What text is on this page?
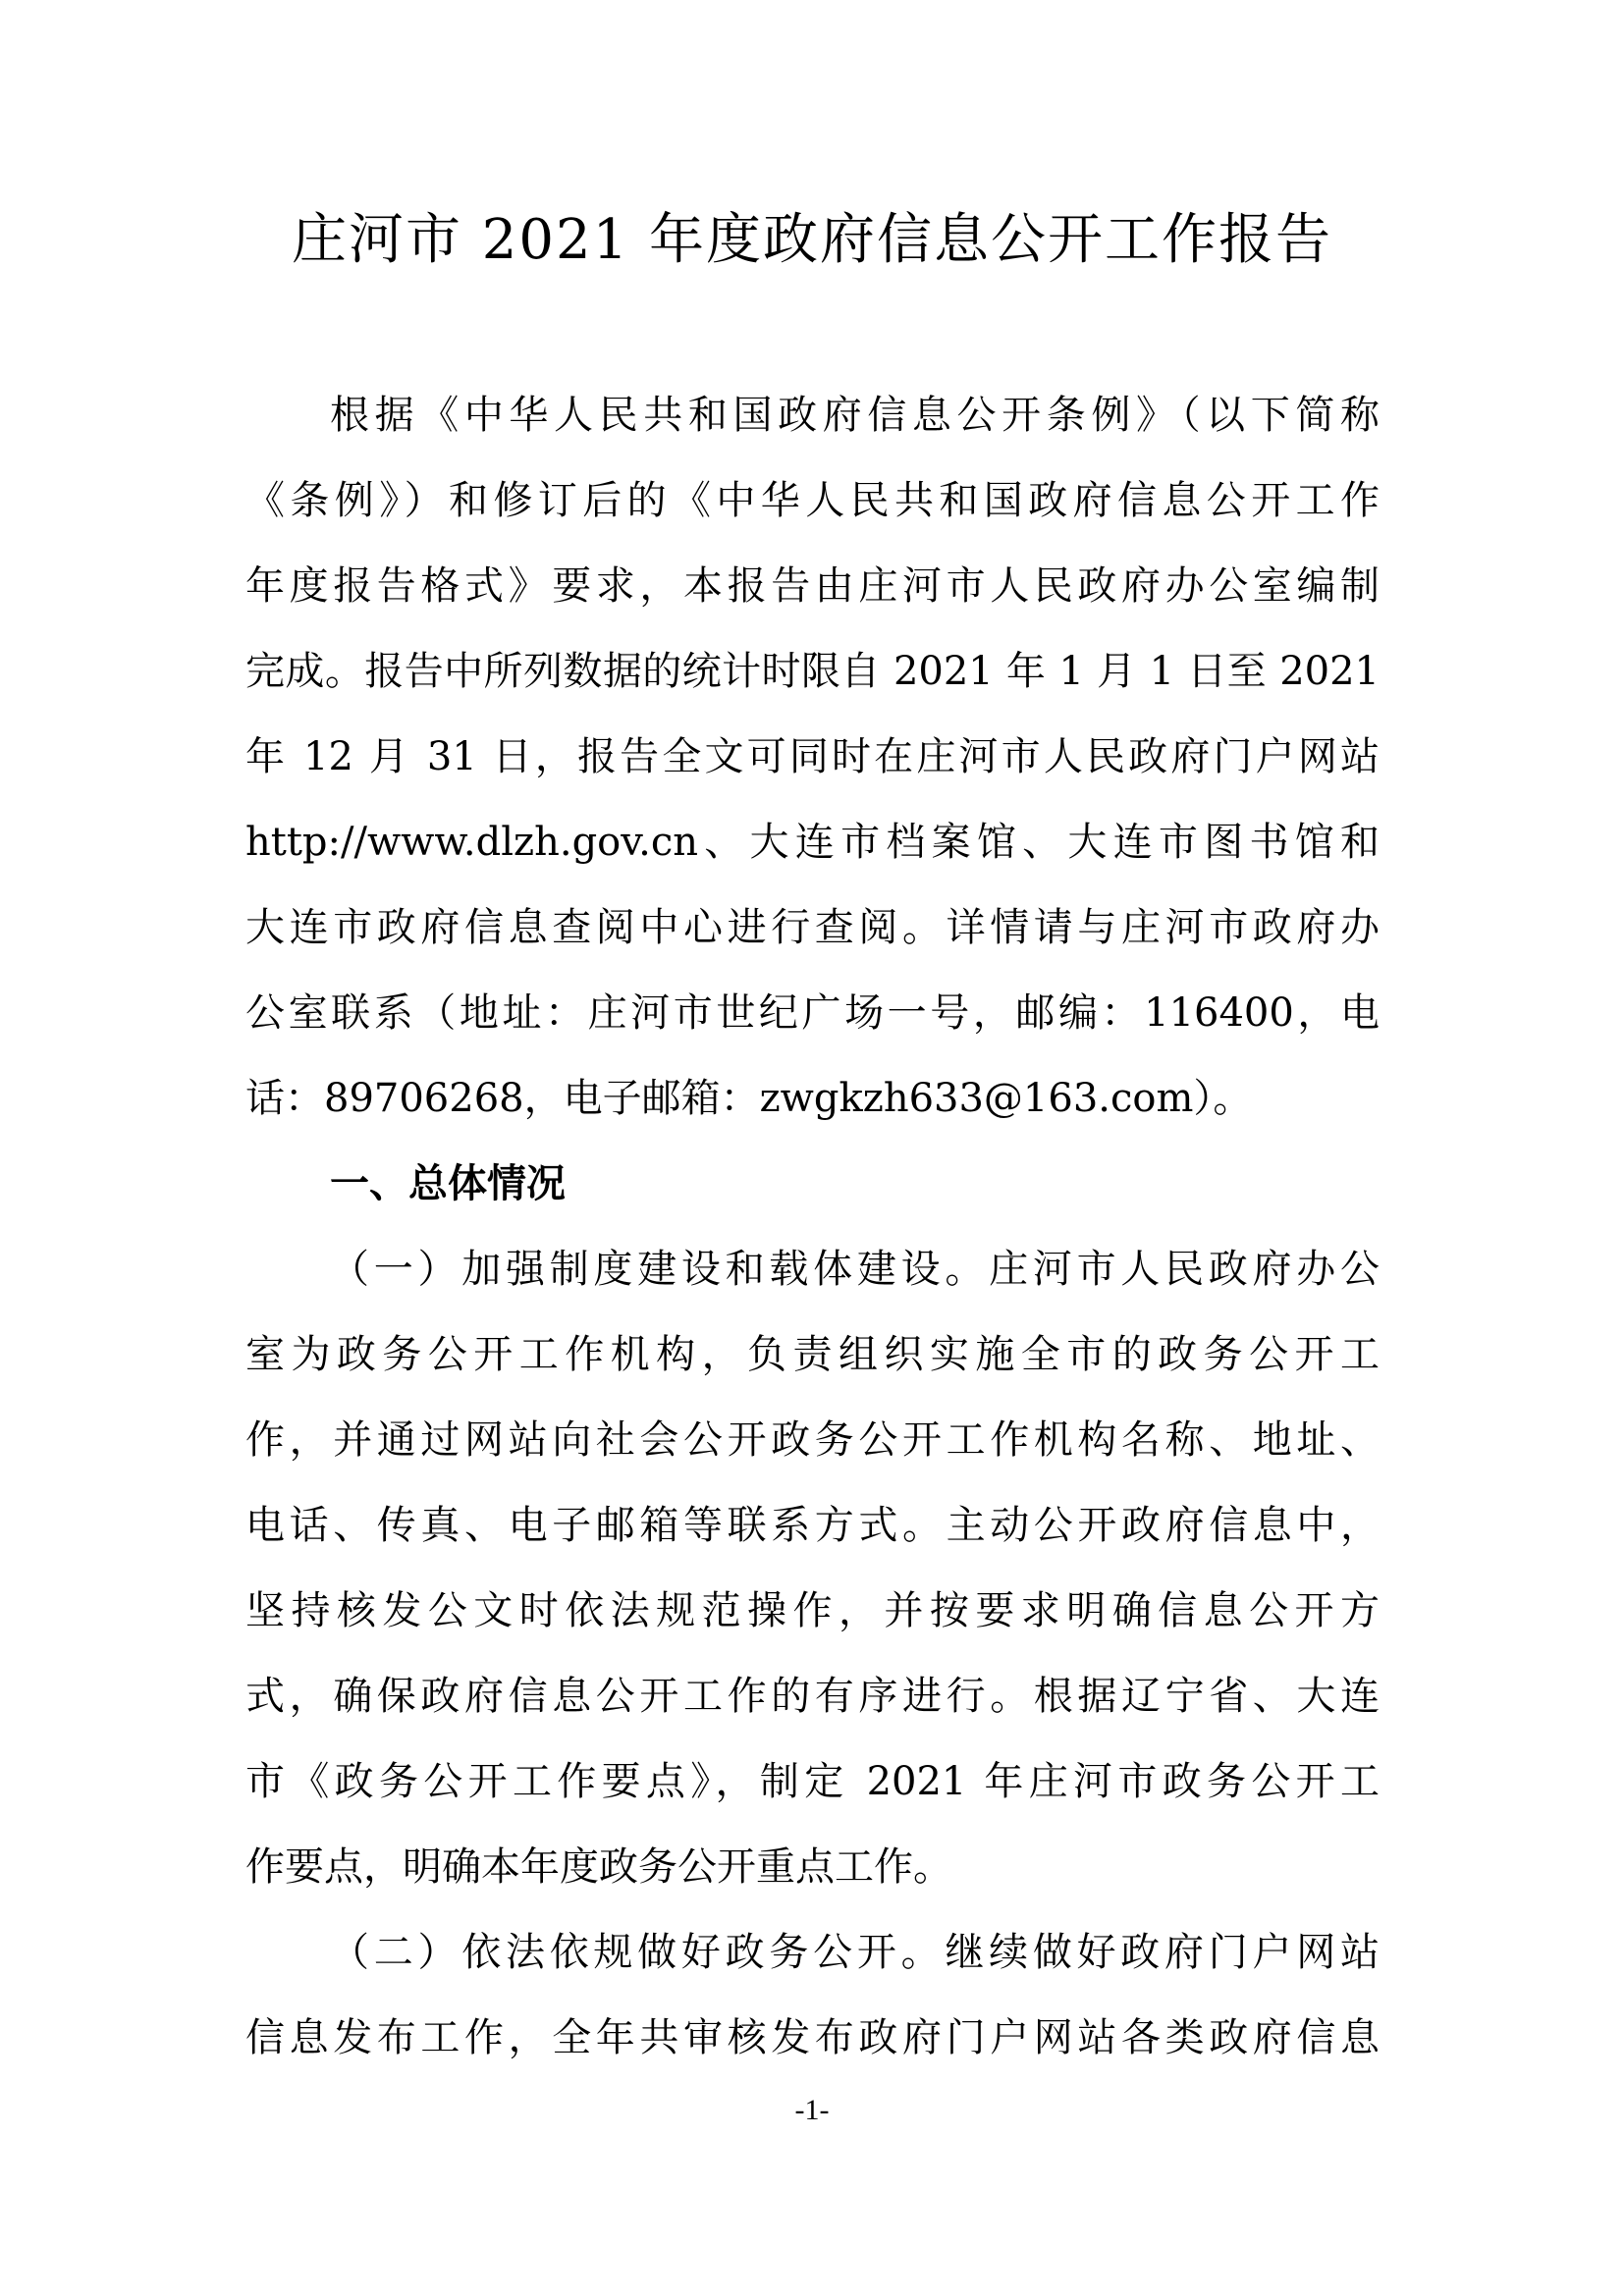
庄河市 2021 年度政府信息公开工作报告
根据《中华人民共和国政府信息公开条例》（以下简称
《条例》）和修订后的《中华人民共和国政府信息公开工作
年度报告格式》要求，本报告由庄河市人民政府办公室编制
完成。报告中所列数据的统计时限自 2021 年 1 月 1 日至 2021
年 12 月 31 日，报告全文可同时在庄河市人民政府门户网站
http://www.dlzh.gov.cn、大连市档案馆、大连市图书馆和
大连市政府信息查阅中心进行查阅。详情请与庄河市政府办
公室联系（地址：庄河市世纪广场一号，邮编：116400，电
话：89706268，电子邮箱：zwgkzh633@163.com）。
一、总体情况
（一）加强制度建设和载体建设。庄河市人民政府办公
室为政务公开工作机构，负责组织实施全市的政务公开工
作，并通过网站向社会公开政务公开工作机构名称、地址、
电话、传真、电子邮箱等联系方式。主动公开政府信息中，
坚持核发公文时依法规范操作，并按要求明确信息公开方
式，确保政府信息公开工作的有序进行。根据辽宁省、大连
市《政务公开工作要点》，制定 2021 年庄河市政务公开工
作要点，明确本年度政务公开重点工作。
（二）依法依规做好政务公开。继续做好政府门户网站
信息发布工作，全年共审核发布政府门户网站各类政府信息
-1-
